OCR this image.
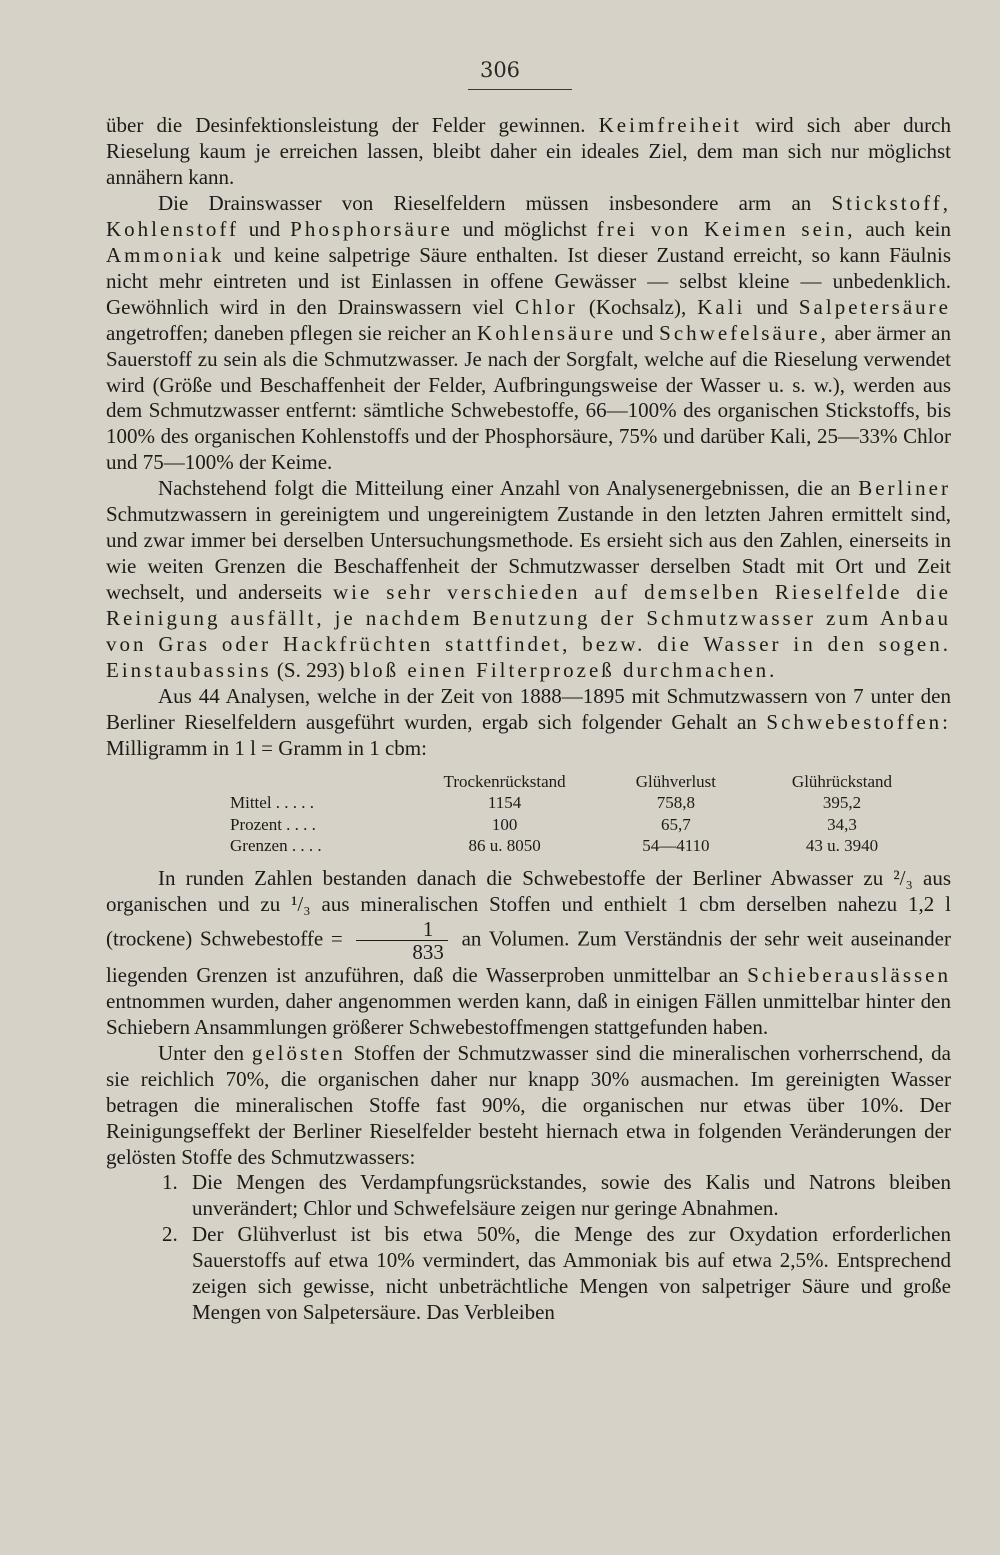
306

über die Desinfektionsleistung der Felder gewinnen. Keimfreiheit wird sich aber durch Rieselung kaum je erreichen lassen, bleibt daher ein ideales Ziel, dem man sich nur möglichst annähern kann.

Die Drainswasser von Rieselfeldern müssen insbesondere arm an Stickstoff, Kohlenstoff und Phosphorsäure und möglichst frei von Keimen sein, auch kein Ammoniak und keine salpetrige Säure enthalten. Ist dieser Zustand erreicht, so kann Fäulnis nicht mehr eintreten und ist Einlassen in offene Gewässer — selbst kleine — unbedenklich. Gewöhnlich wird in den Drainswassern viel Chlor (Kochsalz), Kali und Salpetersäure angetroffen; daneben pflegen sie reicher an Kohlensäure und Schwefelsäure, aber ärmer an Sauerstoff zu sein als die Schmutzwasser. Je nach der Sorgfalt, welche auf die Rieselung verwendet wird (Größe und Beschaffenheit der Felder, Aufbringungsweise der Wasser u. s. w.), werden aus dem Schmutzwasser entfernt: sämtliche Schwebestoffe, 66—100% des organischen Stickstoffs, bis 100% des organischen Kohlenstoffs und der Phosphorsäure, 75% und darüber Kali, 25—33% Chlor und 75—100% der Keime.

Nachstehend folgt die Mitteilung einer Anzahl von Analysenergebnissen, die an Berliner Schmutzwassern in gereinigtem und ungereinigtem Zustande in den letzten Jahren ermittelt sind, und zwar immer bei derselben Untersuchungsmethode. Es ersieht sich aus den Zahlen, einerseits in wie weiten Grenzen die Beschaffenheit der Schmutzwasser derselben Stadt mit Ort und Zeit wechselt, und anderseits wie sehr verschieden auf demselben Rieselfelde die Reinigung ausfällt, je nachdem Benutzung der Schmutzwasser zum Anbau von Gras oder Hackfrüchten stattfindet, bezw. die Wasser in den sogen. Einstaubassins (S. 293) bloß einen Filterprozeß durchmachen.

Aus 44 Analysen, welche in der Zeit von 1888—1895 mit Schmutzwassern von 7 unter den Berliner Rieselfeldern ausgeführt wurden, ergab sich folgender Gehalt an Schwebestoffen: Milligramm in 1 l = Gramm in 1 cbm:

	Trockenrückstand	Glühverlust	Glührückstand	
Mittel . . . . .	1154	758,8	395,2	
Prozent . . . .	100	65,7	34,3	
Grenzen . . . .	86 u. 8050	54—4110	43 u. 3940	

In runden Zahlen bestanden danach die Schwebestoffe der Berliner Abwasser zu ²/₃ aus organischen und zu ¹/₃ aus mineralischen Stoffen und enthielt 1 cbm derselben nahezu 1,2 l (trockene) Schwebestoffe = $\frac{1}{833}$ an Volumen. Zum Verständnis der sehr weit auseinander liegenden Grenzen ist anzuführen, daß die Wasserproben unmittelbar an Schieberauslässen entnommen wurden, daher angenommen werden kann, daß in einigen Fällen unmittelbar hinter den Schiebern Ansammlungen größerer Schwebestoffmengen stattgefunden haben.

Unter den gelösten Stoffen der Schmutzwasser sind die mineralischen vorherrschend, da sie reichlich 70%, die organischen daher nur knapp 30% ausmachen. Im gereinigten Wasser betragen die mineralischen Stoffe fast 90%, die organischen nur etwas über 10%. Der Reinigungseffekt der Berliner Rieselfelder besteht hiernach etwa in folgenden Veränderungen der gelösten Stoffe des Schmutzwassers:

1. Die Mengen des Verdampfungsrückstandes, sowie des Kalis und Natrons bleiben unverändert; Chlor und Schwefelsäure zeigen nur geringe Abnahmen.

2. Der Glühverlust ist bis etwa 50%, die Menge des zur Oxydation erforderlichen Sauerstoffs auf etwa 10% vermindert, das Ammoniak bis auf etwa 2,5%. Entsprechend zeigen sich gewisse, nicht unbeträchtliche Mengen von salpetriger Säure und große Mengen von Salpetersäure. Das Verbleiben
